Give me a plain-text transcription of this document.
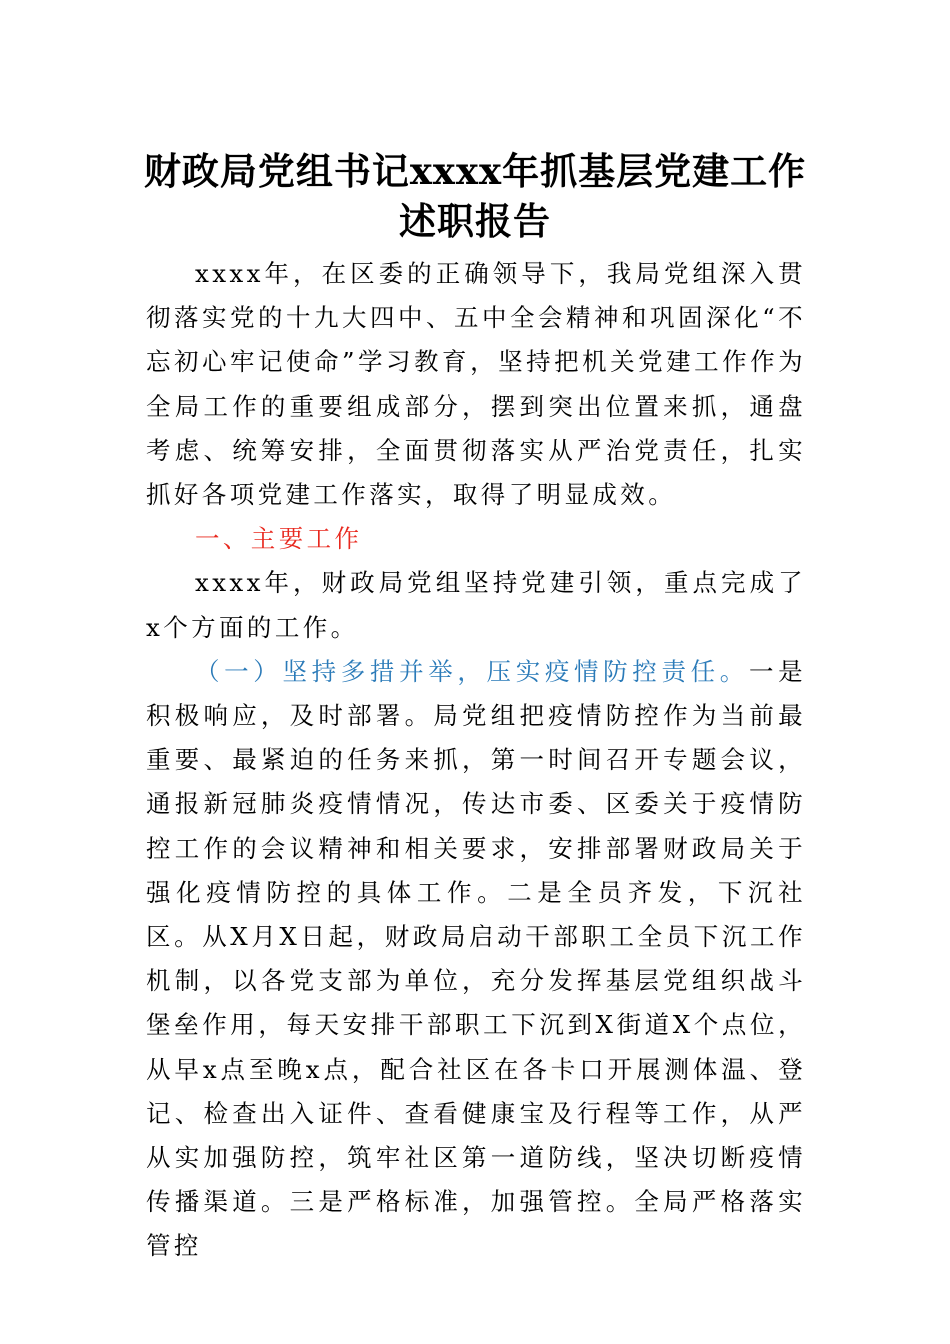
财政局党组书记xxxx年抓基层党建工作述职报告

xxxx年，在区委的正确领导下，我局党组深入贯彻落实党的十九大四中、五中全会精神和巩固深化“不忘初心牢记使命”学习教育，坚持把机关党建工作作为全局工作的重要组成部分，摆到突出位置来抓，通盘考虑、统筹安排，全面贯彻落实从严治党责任，扎实抓好各项党建工作落实，取得了明显成效。

一、主要工作

xxxx年，财政局党组坚持党建引领，重点完成了x个方面的工作。

（一）坚持多措并举，压实疫情防控责任。一是积极响应，及时部署。局党组把疫情防控作为当前最重要、最紧迫的任务来抓，第一时间召开专题会议，通报新冠肺炎疫情情况，传达市委、区委关于疫情防控工作的会议精神和相关要求，安排部署财政局关于强化疫情防控的具体工作。二是全员齐发，下沉社区。从X月X日起，财政局启动干部职工全员下沉工作机制，以各党支部为单位，充分发挥基层党组织战斗堡垒作用，每天安排干部职工下沉到X街道X个点位，从早x点至晚x点，配合社区在各卡口开展测体温、登记、检查出入证件、查看健康宝及行程等工作，从严从实加强防控，筑牢社区第一道防线，坚决切断疫情传播渠道。三是严格标准，加强管控。全局严格落实管控
